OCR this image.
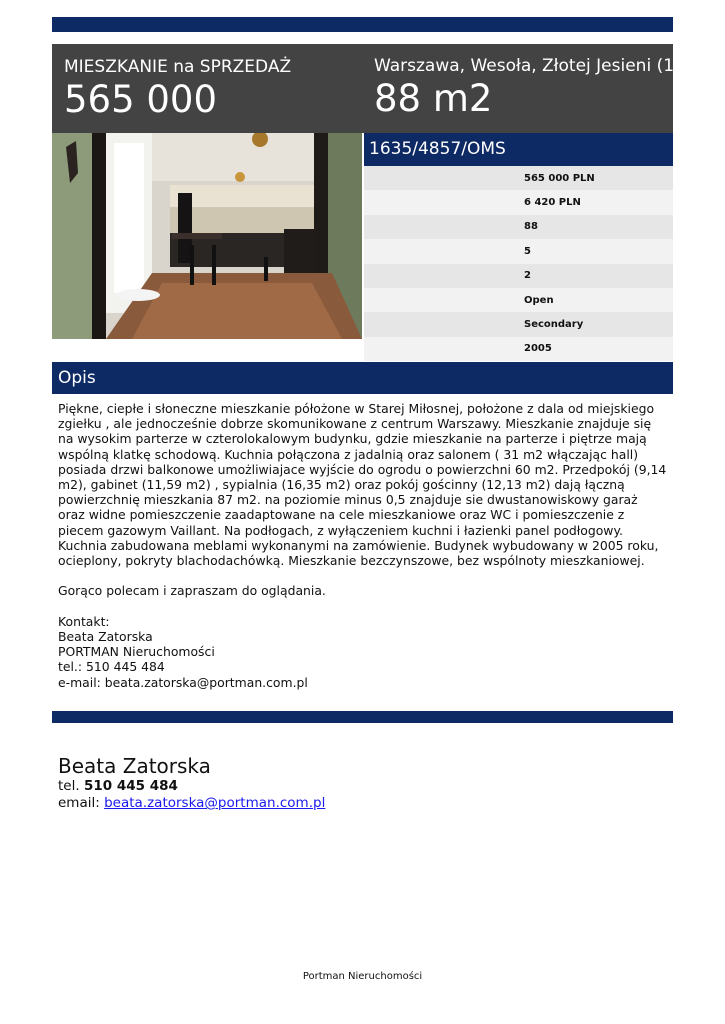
MIESZKANIE na SPRZEDAŻ
565 000
Warszawa, Wesoła, Złotej Jesieni (1)
88 m2
1635/4857/OMS
565 000 PLN
6 420 PLN
88
5
2
Open
Secondary
2005
Opis

Piękne, ciepłe i słoneczne mieszkanie półożone w Starej Miłosnej, położone z dala od miejskiego zgiełku , ale jednocześnie dobrze skomunikowane z centrum Warszawy. Mieszkanie znajduje się na wysokim parterze w czterolokalowym budynku, gdzie mieszkanie na parterze i piętrze mają wspólną klatkę schodową. Kuchnia połączona z jadalnią oraz salonem ( 31 m2 włączając hall) posiada drzwi balkonowe umożliwiajace wyjście do ogrodu o powierzchni 60 m2. Przedpokój (9,14 m2), gabinet (11,59 m2) , sypialnia (16,35 m2) oraz pokój gościnny (12,13 m2) dają łączną powierzchnię mieszkania 87 m2. na poziomie minus 0,5 znajduje sie dwustanowiskowy garaż oraz widne pomieszczenie zaadaptowane na cele mieszkaniowe oraz WC i pomieszczenie z piecem gazowym Vaillant. Na podłogach, z wyłączeniem kuchni i łazienki panel podłogowy. Kuchnia zabudowana meblami wykonanymi na zamówienie. Budynek wybudowany w 2005 roku, ocieplony, pokryty blachodachówką. Mieszkanie bezczynszowe, bez wspólnoty mieszkaniowej.

Gorąco polecam i zapraszam do oglądania.

Kontakt:

Beata Zatorska

PORTMAN Nieruchomości

tel.: 510 445 484

e-mail: beata.zatorska@portman.com.pl

Beata Zatorska
tel. 510 445 484
email: beata.zatorska@portman.com.pl
Portman Nieruchomości
